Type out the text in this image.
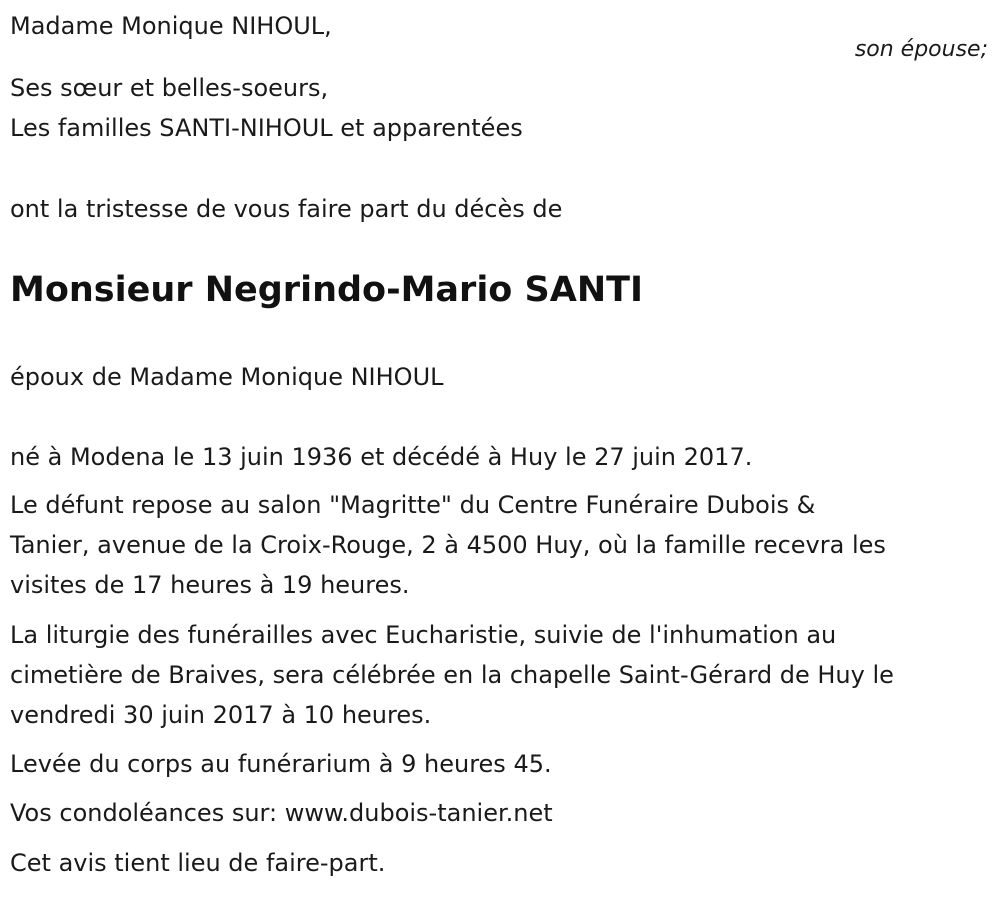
Madame Monique NIHOUL,
son épouse;
Ses sœur et belles-soeurs,
Les familles SANTI-NIHOUL et apparentées
ont la tristesse de vous faire part du décès de
Monsieur Negrindo-Mario SANTI
époux de Madame Monique NIHOUL
né à Modena le 13 juin 1936 et décédé à Huy le 27 juin 2017.
Le défunt repose au salon "Magritte" du Centre Funéraire Dubois &
Tanier, avenue de la Croix-Rouge, 2 à 4500 Huy, où la famille recevra les
visites de 17 heures à 19 heures.
La liturgie des funérailles avec Eucharistie, suivie de l'inhumation au
cimetière de Braives, sera célébrée en la chapelle Saint-Gérard de Huy le
vendredi 30 juin 2017 à 10 heures.
Levée du corps au funérarium à 9 heures 45.
Vos condoléances sur: www.dubois-tanier.net
Cet avis tient lieu de faire-part.
